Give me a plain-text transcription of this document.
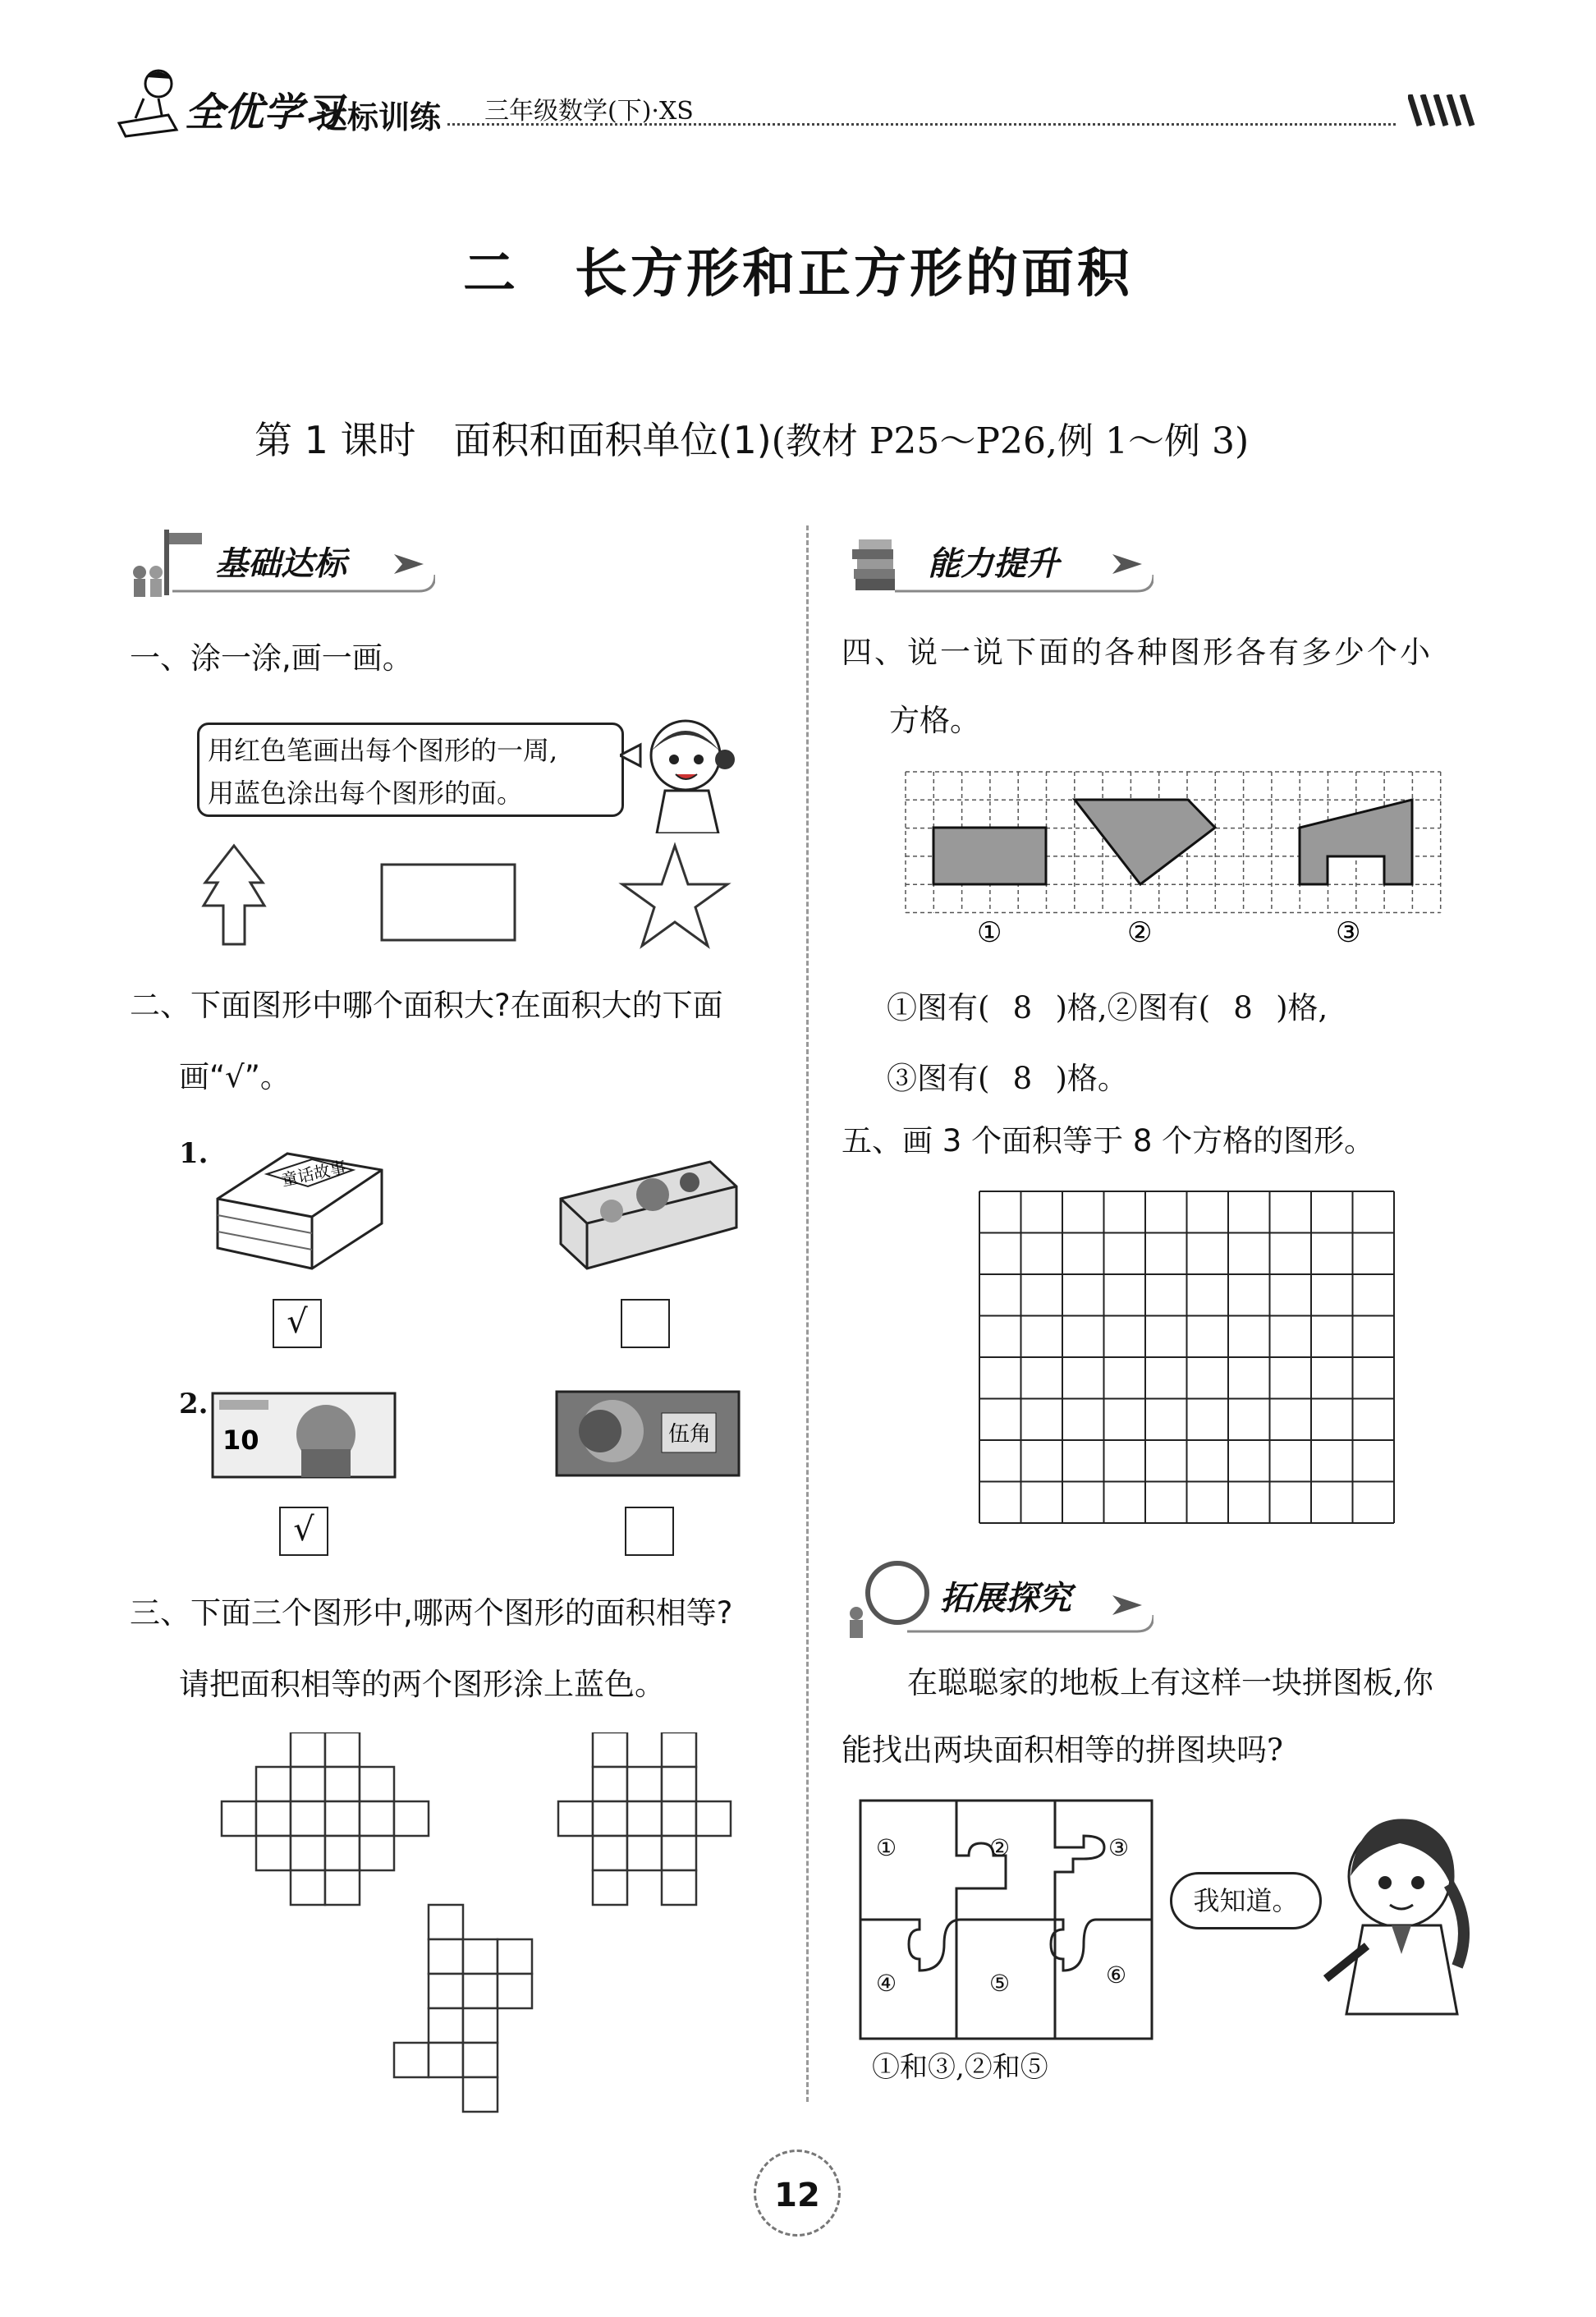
全优学习
达标训练 三年级数学(下)·XS
二　长方形和正方形的面积
第 1 课时　面积和面积单位(1)(教材 P25～P26,例 1～例 3)
基础达标
一、涂一涂,画一画。
用红色笔画出每个图形的一周,
用蓝色涂出每个图形的面。
二、下面图形中哪个面积大?在面积大的下面
画“√”。
1.
童话故事
√
2.
10	伍角
√
三、下面三个图形中,哪两个图形的面积相等?
请把面积相等的两个图形涂上蓝色。
能力提升
四、说一说下面的各种图形各有多少个小
方格。
①	②	③
①图有( 8 )格,②图有( 8 )格,
③图有( 8 )格。
五、画 3 个面积等于 8 个方格的图形。
拓展探究
在聪聪家的地板上有这样一块拼图板,你
能找出两块面积相等的拼图块吗?
①	②	③
④	⑤	⑥
我知道。
①和③,②和⑤
12
